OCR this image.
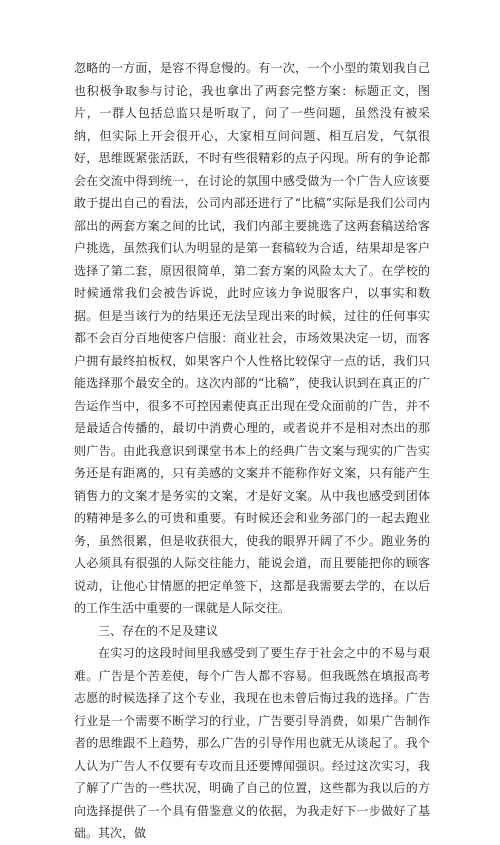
忽略的一方面，是容不得怠慢的。有一次，一个小型的策划我自己也积极争取参与讨论，我也拿出了两套完整方案：标题正文，图片，一群人包括总监只是听取了，问了一些问题，虽然没有被采纳，但实际上开会很开心，大家相互问问题、相互启发，气氛很好，思维既紧张活跃，不时有些很精彩的点子闪现。所有的争论都会在交流中得到统一，在讨论的氛围中感受做为一个广告人应该要敢于提出自己的看法，公司内部还进行了“比稿”实际是我们公司内部出的两套方案之间的比试，我们内部主要挑选了这两套稿送给客户挑选，虽然我们认为明显的是第一套稿较为合适，结果却是客户选择了第二套，原因很简单，第二套方案的风险太大了。在学校的时候通常我们会被告诉说，此时应该力争说服客户，以事实和数据。但是当该行为的结果还无法呈现出来的时候，过往的任何事实都不会百分百地使客户信服：商业社会，市场效果决定一切，而客户拥有最终拍板权，如果客户个人性格比较保守一点的话，我们只能选择那个最安全的。这次内部的“比稿”，使我认识到在真正的广告运作当中，很多不可控因素使真正出现在受众面前的广告，并不是最适合传播的，最切中消费心理的，或者说并不是相对杰出的那则广告。由此我意识到课堂书本上的经典广告文案与现实的广告实务还是有距离的，只有美感的文案并不能称作好文案，只有能产生销售力的文案才是务实的文案，才是好文案。从中我也感受到团体的精神是多么的可贵和重要。有时候还会和业务部门的一起去跑业务，虽然很累，但是收获很大，使我的眼界开阔了不少。跑业务的人必须具有很强的人际交往能力，能说会道，而且要能把你的顾客说动，让他心甘情愿的把定单签下，这都是我需要去学的，在以后的工作生活中重要的一课就是人际交往。

三、存在的不足及建议

在实习的这段时间里我感受到了要生存于社会之中的不易与艰难。广告是个苦差使，每个广告人都不容易。但我既然在填报高考志愿的时候选择了这个专业，我现在也未曾后悔过我的选择。广告行业是一个需要不断学习的行业，广告要引导消费，如果广告制作者的思维跟不上趋势，那么广告的引导作用也就无从谈起了。我个人认为广告人不仅要有专攻而且还要博闻强识。经过这次实习，我了解了广告的一些状况，明确了自己的位置，这些都为我以后的方向选择提供了一个具有借鉴意义的依据，为我走好下一步做好了基础。其次，做
